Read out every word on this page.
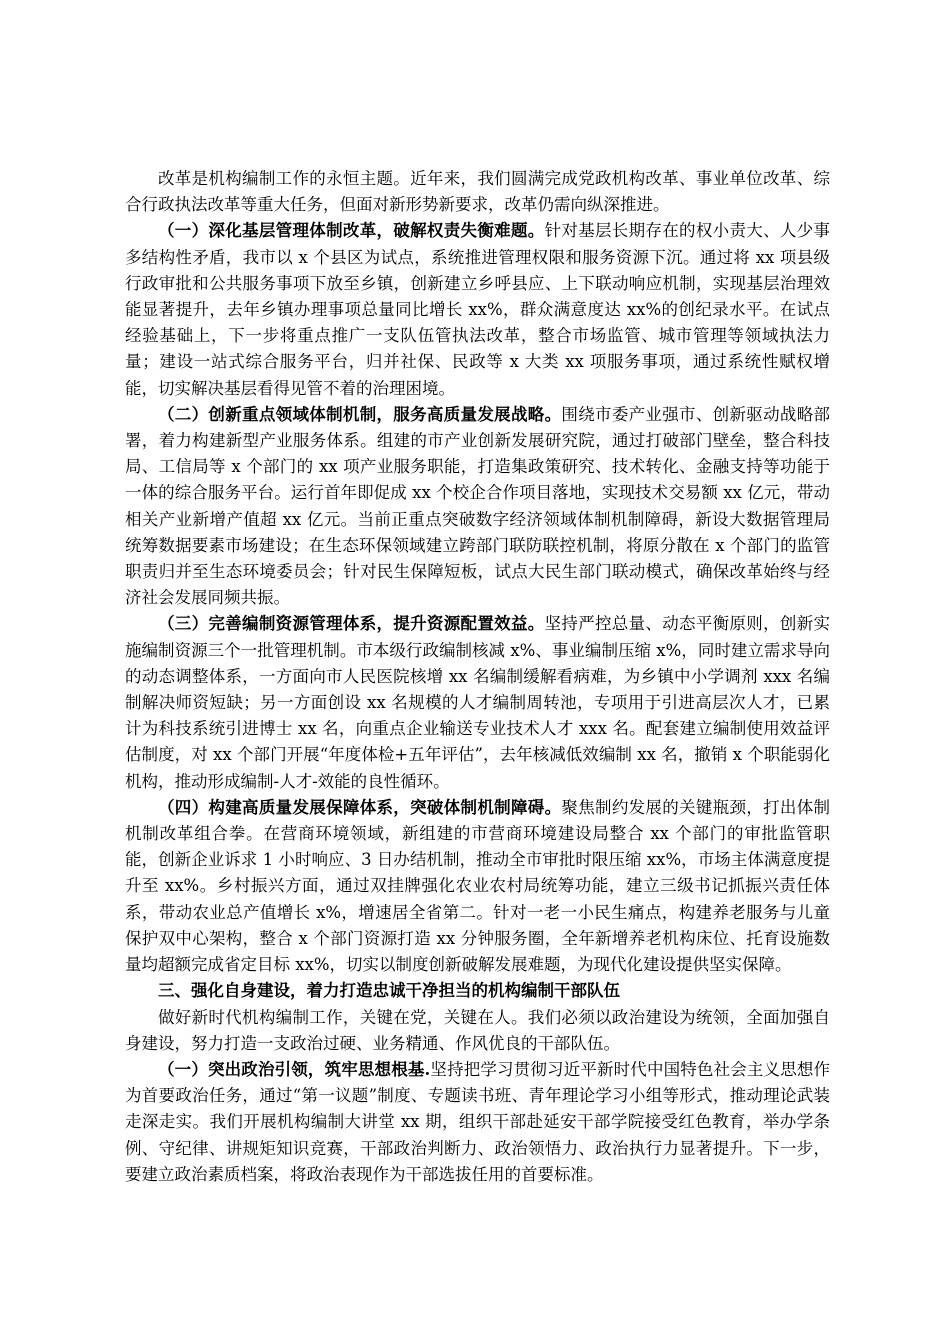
改革是机构编制工作的永恒主题。近年来，我们圆满完成党政机构改革、事业单位改革、综合行政执法改革等重大任务，但面对新形势新要求，改革仍需向纵深推进。

（一）深化基层管理体制改革，破解权责失衡难题。针对基层长期存在的权小责大、人少事多结构性矛盾，我市以 x 个县区为试点，系统推进管理权限和服务资源下沉。通过将 xx 项县级行政审批和公共服务事项下放至乡镇，创新建立乡呼县应、上下联动响应机制，实现基层治理效能显著提升，去年乡镇办理事项总量同比增长 xx%，群众满意度达 xx%的创纪录水平。在试点经验基础上，下一步将重点推广一支队伍管执法改革，整合市场监管、城市管理等领域执法力量；建设一站式综合服务平台，归并社保、民政等 x 大类 xx 项服务事项，通过系统性赋权增能，切实解决基层看得见管不着的治理困境。

（二）创新重点领域体制机制，服务高质量发展战略。围绕市委产业强市、创新驱动战略部署，着力构建新型产业服务体系。组建的市产业创新发展研究院，通过打破部门壁垒，整合科技局、工信局等 x 个部门的 xx 项产业服务职能，打造集政策研究、技术转化、金融支持等功能于一体的综合服务平台。运行首年即促成 xx 个校企合作项目落地，实现技术交易额 xx 亿元，带动相关产业新增产值超 xx 亿元。当前正重点突破数字经济领域体制机制障碍，新设大数据管理局统筹数据要素市场建设；在生态环保领域建立跨部门联防联控机制，将原分散在 x 个部门的监管职责归并至生态环境委员会；针对民生保障短板，试点大民生部门联动模式，确保改革始终与经济社会发展同频共振。

（三）完善编制资源管理体系，提升资源配置效益。坚持严控总量、动态平衡原则，创新实施编制资源三个一批管理机制。市本级行政编制核减 x%、事业编制压缩 x%，同时建立需求导向的动态调整体系，一方面向市人民医院核增 xx 名编制缓解看病难，为乡镇中小学调剂 xxx 名编制解决师资短缺；另一方面创设 xx 名规模的人才编制周转池，专项用于引进高层次人才，已累计为科技系统引进博士 xx 名，向重点企业输送专业技术人才 xxx 名。配套建立编制使用效益评估制度，对 xx 个部门开展“年度体检+五年评估”，去年核减低效编制 xx 名，撤销 x 个职能弱化机构，推动形成编制-人才-效能的良性循环。

（四）构建高质量发展保障体系，突破体制机制障碍。聚焦制约发展的关键瓶颈，打出体制机制改革组合拳。在营商环境领域，新组建的市营商环境建设局整合 xx 个部门的审批监管职能，创新企业诉求 1 小时响应、3 日办结机制，推动全市审批时限压缩 xx%，市场主体满意度提升至 xx%。乡村振兴方面，通过双挂牌强化农业农村局统筹功能，建立三级书记抓振兴责任体系，带动农业总产值增长 x%，增速居全省第二。针对一老一小民生痛点，构建养老服务与儿童保护双中心架构，整合 x 个部门资源打造 xx 分钟服务圈，全年新增养老机构床位、托育设施数量均超额完成省定目标 xx%，切实以制度创新破解发展难题，为现代化建设提供坚实保障。

三、强化自身建设，着力打造忠诚干净担当的机构编制干部队伍

做好新时代机构编制工作，关键在党，关键在人。我们必须以政治建设为统领，全面加强自身建设，努力打造一支政治过硬、业务精通、作风优良的干部队伍。

（一）突出政治引领，筑牢思想根基.坚持把学习贯彻习近平新时代中国特色社会主义思想作为首要政治任务，通过“第一议题”制度、专题读书班、青年理论学习小组等形式，推动理论武装走深走实。我们开展机构编制大讲堂 xx 期，组织干部赴延安干部学院接受红色教育，举办学条例、守纪律、讲规矩知识竞赛，干部政治判断力、政治领悟力、政治执行力显著提升。下一步，要建立政治素质档案，将政治表现作为干部选拔任用的首要标准。
